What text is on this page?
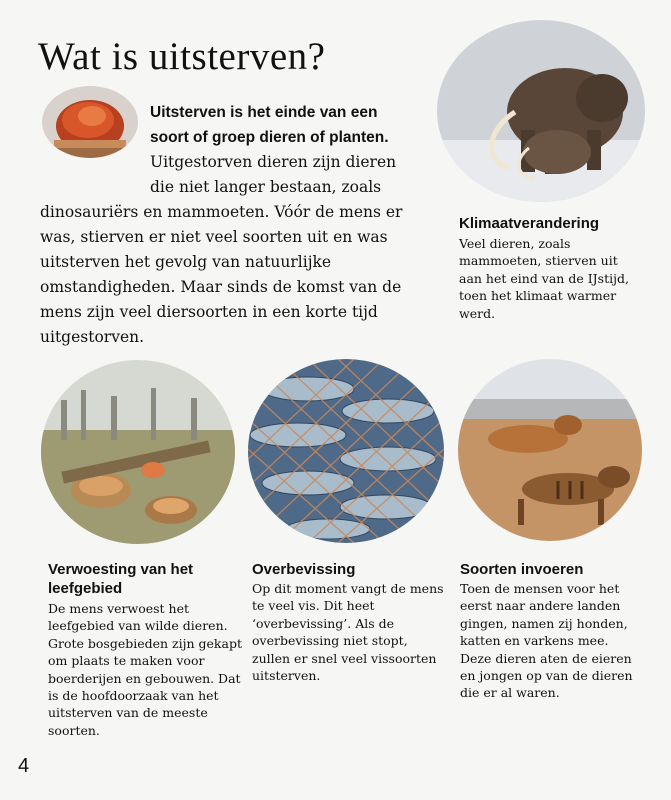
Wat is uitsterven?

Uitsterven is het einde van een soort of groep dieren of planten. Uitgestorven dieren zijn dieren die niet langer bestaan, zoals dinosauriërs en mammoeten. Vóór de mens er was, stierven er niet veel soorten uit en was uitsterven het gevolg van natuurlijke omstandigheden. Maar sinds de komst van de mens zijn veel diersoorten in een korte tijd uitgestorven.

Klimaatverandering
Veel dieren, zoals mammoeten, stierven uit aan het eind van de IJstijd, toen het klimaat warmer werd.
Verwoesting van het leefgebied
De mens verwoest het leefgebied van wilde dieren. Grote bosgebieden zijn gekapt om plaats te maken voor boerderijen en gebouwen. Dat is de hoofdoorzaak van het uitsterven van de meeste soorten.
Overbevissing
Op dit moment vangt de mens te veel vis. Dit heet ‘overbevissing’. Als de overbevissing niet stopt, zullen er snel veel vissoorten uitsterven.
Soorten invoeren
Toen de mensen voor het eerst naar andere landen gingen, namen zij honden, katten en varkens mee. Deze dieren aten de eieren en jongen op van de dieren die er al waren.
4
